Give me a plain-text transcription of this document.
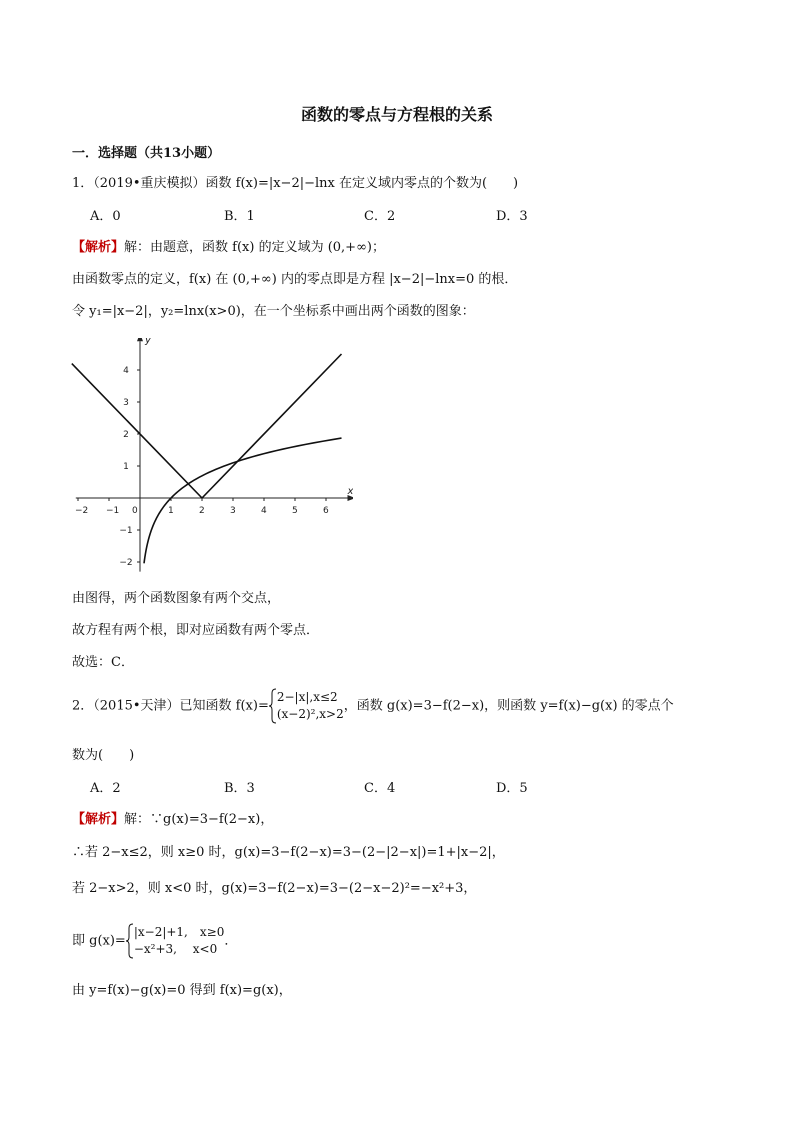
函数的零点与方程根的关系
一．选择题（共13小题）
1．（2019•重庆模拟）函数 f(x)=|x−2|−lnx 在定义域内零点的个数为(　　)
A．0	B．1	C．2	D．3
【解析】解：由题意，函数 f(x) 的定义域为 (0,+∞)；
由函数零点的定义，f(x) 在 (0,+∞) 内的零点即是方程 |x−2|−lnx=0 的根．
令 y₁=|x−2|，y₂=lnx(x>0)，在一个坐标系中画出两个函数的图象：
x
y
−2 −1 0	1	2	3	4	5	6
4
3
2
1
−1
−2
由图得，两个函数图象有两个交点，
故方程有两个根，即对应函数有两个零点．
故选：C．
2．（2015•天津）已知函数 f(x)=2−|x|,x≤2
(x−2)²,x>2，函数 g(x)=3−f(2−x)，则函数 y=f(x)−g(x) 的零点个
数为(　　)
A．2	B．3	C．4	D．5
【解析】解：∵g(x)=3−f(2−x)，
∴若 2−x≤2，则 x≥0 时，g(x)=3−f(2−x)=3−(2−|2−x|)=1+|x−2|，
若 2−x>2，则 x<0 时，g(x)=3−f(2−x)=3−(2−x−2)²=−x²+3，
即 g(x)=|x−2|+1,　x≥0
−x²+3,　 x<0．
由 y=f(x)−g(x)=0 得到 f(x)=g(x)，
